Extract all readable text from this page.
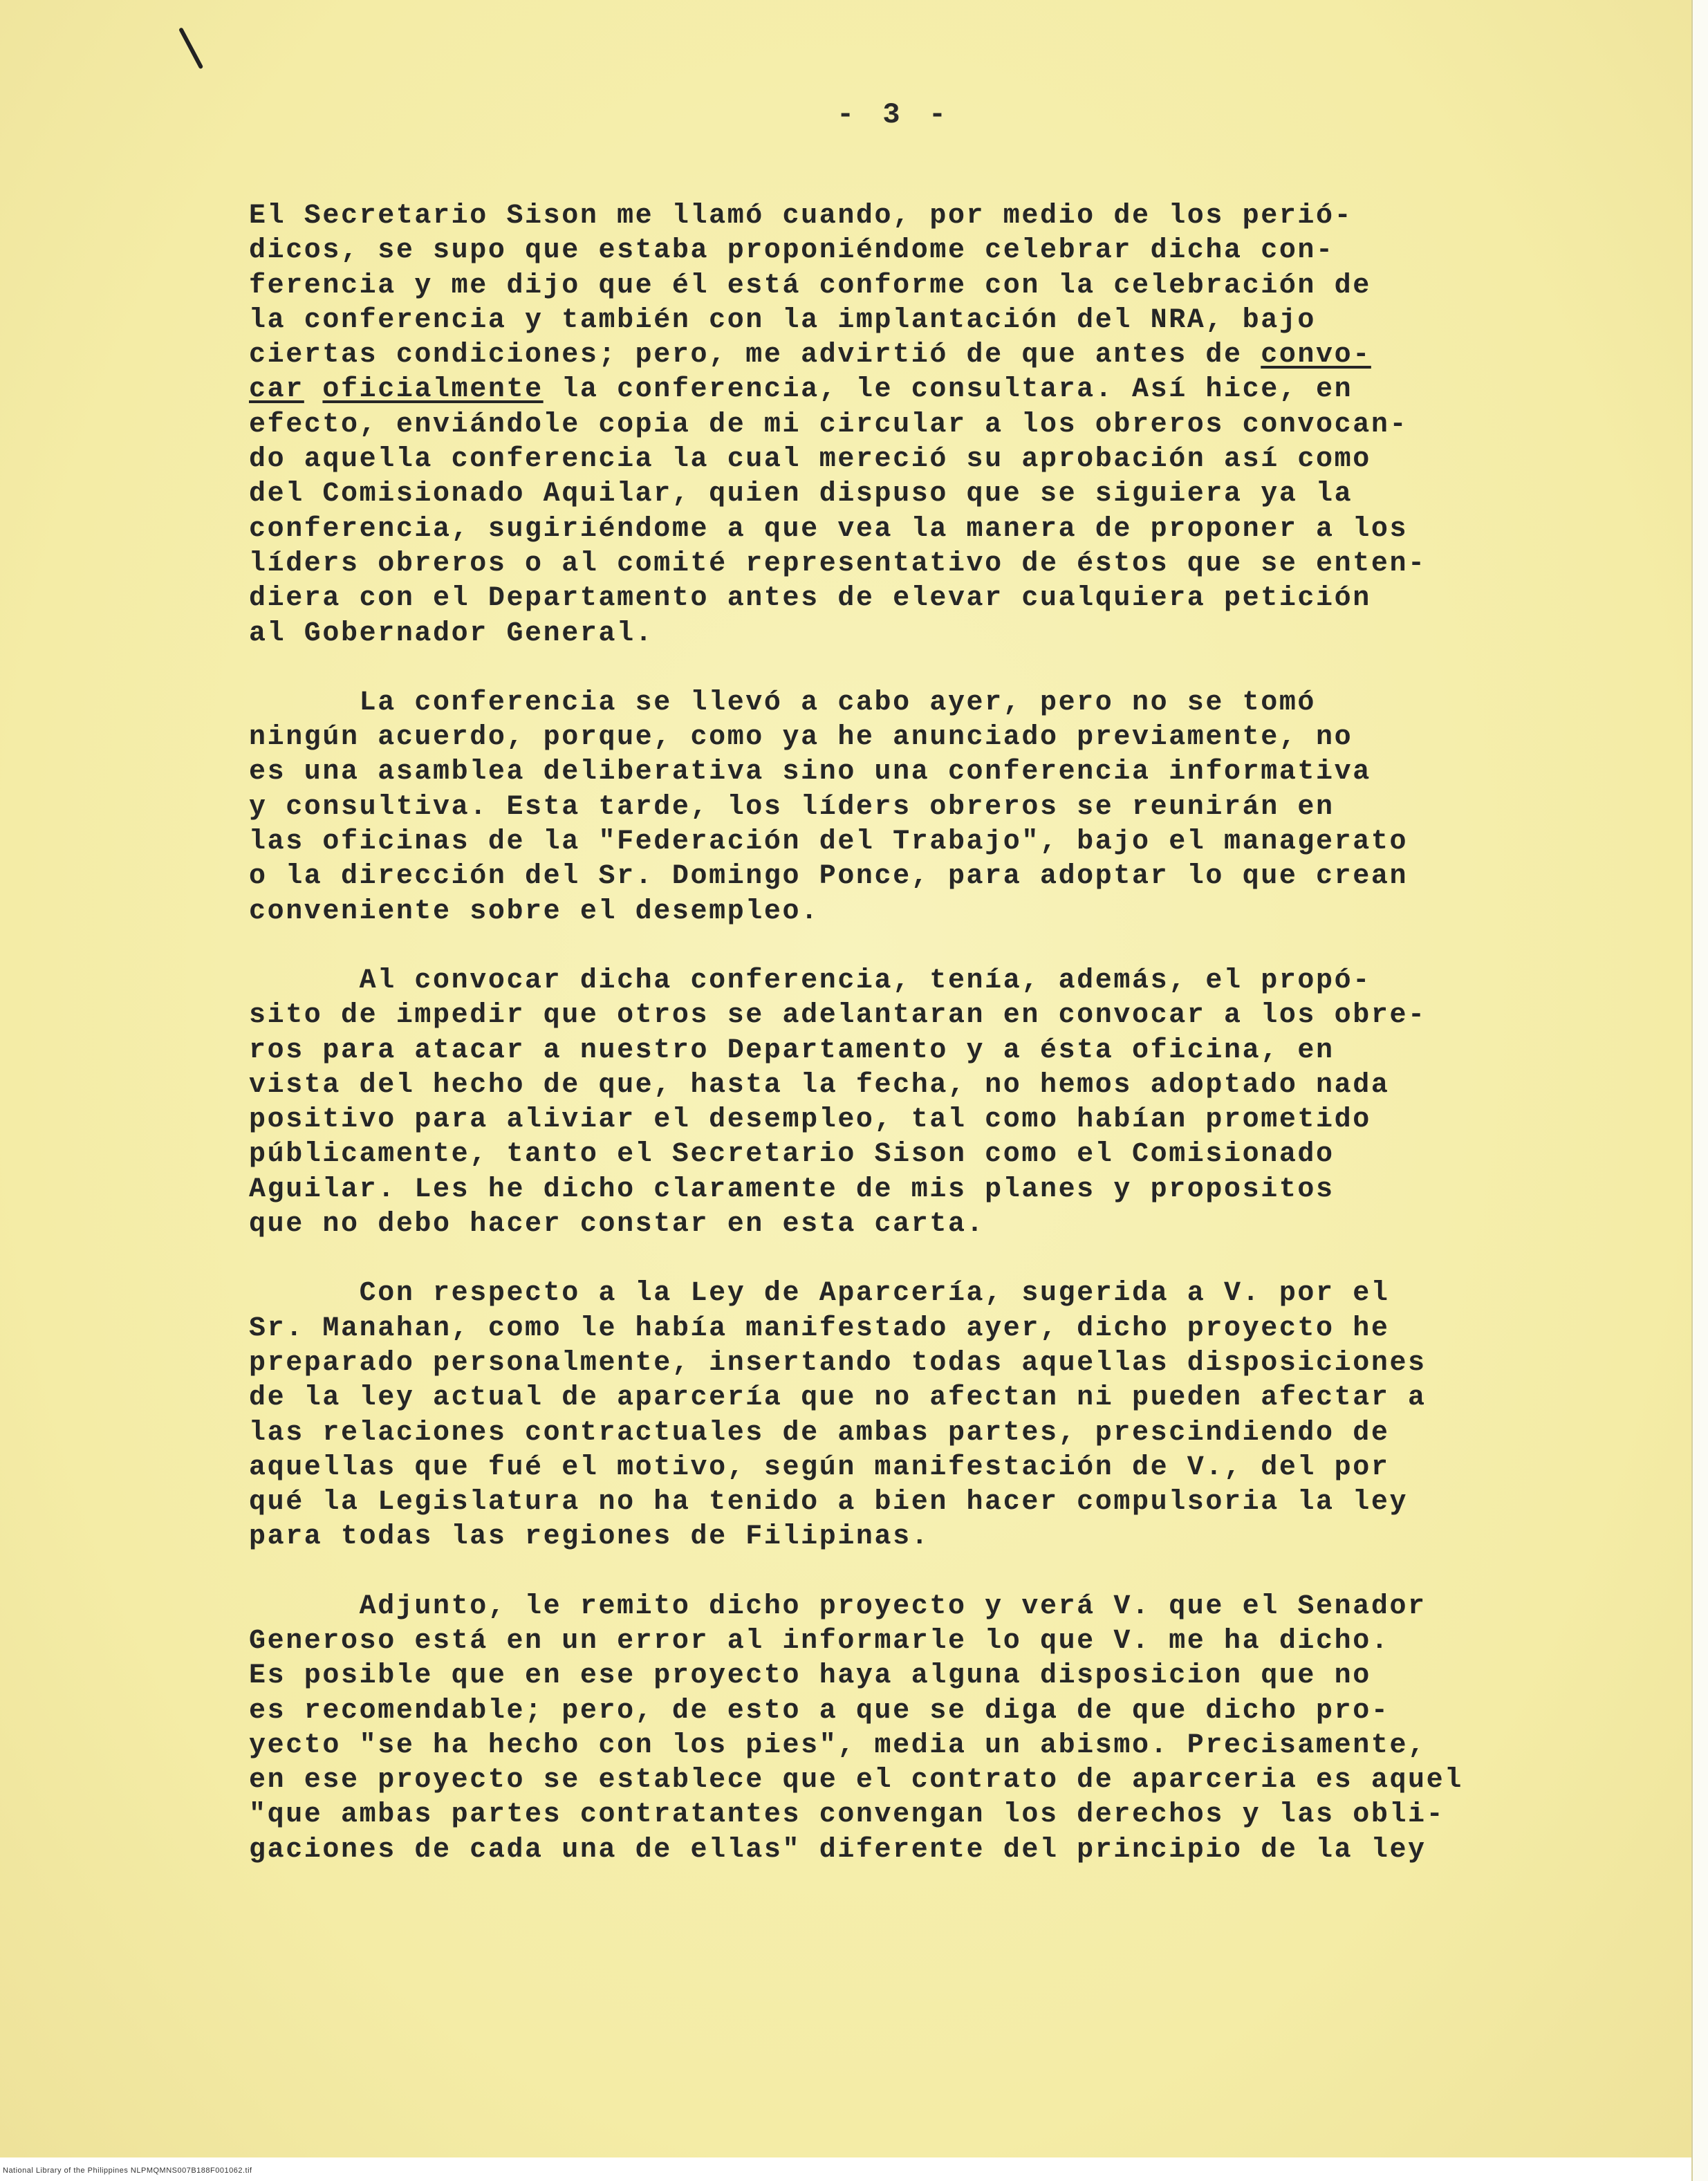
- 3 -
El Secretario Sison me llamó cuando, por medio de los perió-
dicos, se supo que estaba proponiéndome celebrar dicha con-
ferencia y me dijo que él está conforme con la celebración de
la conferencia y también con la implantación del NRA, bajo
ciertas condiciones; pero, me advirtió de que antes de convo-
car oficialmente la conferencia, le consultara. Así hice, en
efecto, enviándole copia de mi circular a los obreros convocan-
do aquella conferencia la cual mereció su aprobación así como
del Comisionado Aquilar, quien dispuso que se siguiera ya la
conferencia, sugiriéndome a que vea la manera de proponer a los
líders obreros o al comité representativo de éstos que se enten-
diera con el Departamento antes de elevar cualquiera petición
al Gobernador General.
La conferencia se llevó a cabo ayer, pero no se tomó
ningún acuerdo, porque, como ya he anunciado previamente, no
es una asamblea deliberativa sino una conferencia informativa
y consultiva. Esta tarde, los líders obreros se reunirán en
las oficinas de la "Federación del Trabajo", bajo el managerato
o la dirección del Sr. Domingo Ponce, para adoptar lo que crean
conveniente sobre el desempleo.
Al convocar dicha conferencia, tenía, además, el propó-
sito de impedir que otros se adelantaran en convocar a los obre-
ros para atacar a nuestro Departamento y a ésta oficina, en
vista del hecho de que, hasta la fecha, no hemos adoptado nada
positivo para aliviar el desempleo, tal como habían prometido
públicamente, tanto el Secretario Sison como el Comisionado
Aguilar. Les he dicho claramente de mis planes y propositos
que no debo hacer constar en esta carta.
Con respecto a la Ley de Aparcería, sugerida a V. por el
Sr. Manahan, como le había manifestado ayer, dicho proyecto he
preparado personalmente, insertando todas aquellas disposiciones
de la ley actual de aparcería que no afectan ni pueden afectar a
las relaciones contractuales de ambas partes, prescindiendo de
aquellas que fué el motivo, según manifestación de V., del por
qué la Legislatura no ha tenido a bien hacer compulsoria la ley
para todas las regiones de Filipinas.
Adjunto, le remito dicho proyecto y verá V. que el Senador
Generoso está en un error al informarle lo que V. me ha dicho.
Es posible que en ese proyecto haya alguna disposicion que no
es recomendable; pero, de esto a que se diga de que dicho pro-
yecto "se ha hecho con los pies", media un abismo. Precisamente,
en ese proyecto se establece que el contrato de aparceria es aquel
"que ambas partes contratantes convengan los derechos y las obli-
gaciones de cada una de ellas" diferente del principio de la ley
National Library of the Philippines NLPMQMNS007B188F001062.tif
